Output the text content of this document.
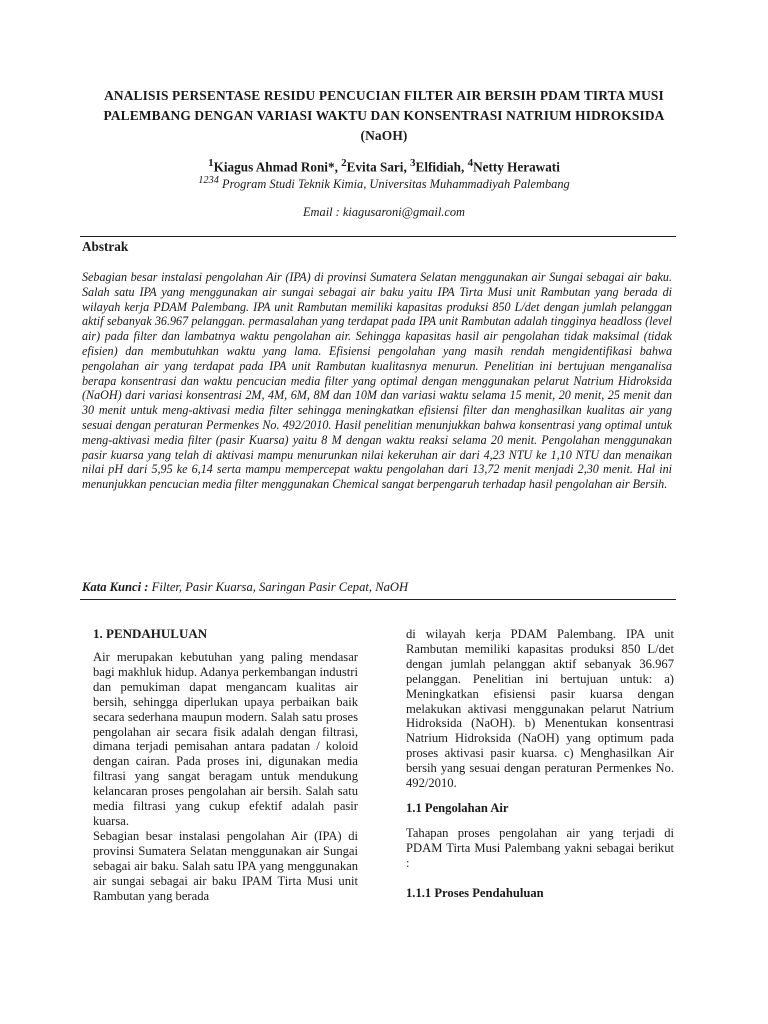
ANALISIS PERSENTASE RESIDU PENCUCIAN FILTER AIR BERSIH PDAM TIRTA MUSI PALEMBANG DENGAN VARIASI WAKTU DAN KONSENTRASI NATRIUM HIDROKSIDA (NaOH)

$^1$Kiagus Ahmad Roni*, $^2$Evita Sari, $^3$Elfidiah, $^4$Netty Herawati

$^{1234}$ Program Studi Teknik Kimia, Universitas Muhammadiyah Palembang

Email : kiagusaroni@gmail.com

Abstrak

Sebagian besar instalasi pengolahan Air (IPA) di provinsi Sumatera Selatan menggunakan air Sungai sebagai air baku. Salah satu IPA yang menggunakan air sungai sebagai air baku yaitu IPA Tirta Musi unit Rambutan yang berada di wilayah kerja PDAM Palembang. IPA unit Rambutan memiliki kapasitas produksi 850 L/det dengan jumlah pelanggan aktif sebanyak 36.967 pelanggan. permasalahan yang terdapat pada IPA unit Rambutan adalah tingginya headloss (level air) pada filter dan lambatnya waktu pengolahan air. Sehingga kapasitas hasil air pengolahan tidak maksimal (tidak efisien) dan membutuhkan waktu yang lama. Efisiensi pengolahan yang masih rendah mengidentifikasi bahwa pengolahan air yang terdapat pada IPA unit Rambutan kualitasnya menurun. Penelitian ini bertujuan menganalisa berapa konsentrasi dan waktu pencucian media filter yang optimal dengan menggunakan pelarut Natrium Hidroksida (NaOH) dari variasi konsentrasi 2M, 4M, 6M, 8M dan 10M dan variasi waktu selama 15 menit, 20 menit, 25 menit dan 30 menit untuk meng-aktivasi media filter sehingga meningkatkan efisiensi filter dan menghasilkan kualitas air yang sesuai dengan peraturan Permenkes No. 492/2010. Hasil penelitian menunjukkan bahwa konsentrasi yang optimal untuk meng-aktivasi media filter (pasir Kuarsa) yaitu 8 M dengan waktu reaksi selama 20 menit. Pengolahan menggunakan pasir kuarsa yang telah di aktivasi mampu menurunkan nilai kekeruhan air dari 4,23 NTU ke 1,10 NTU dan menaikan nilai pH dari 5,95 ke 6,14 serta mampu mempercepat waktu pengolahan dari 13,72 menit menjadi 2,30 menit. Hal ini menunjukkan pencucian media filter menggunakan Chemical sangat berpengaruh terhadap hasil pengolahan air Bersih.

Kata Kunci : Filter, Pasir Kuarsa, Saringan Pasir Cepat, NaOH

1. PENDAHULUAN

Air merupakan kebutuhan yang paling mendasar bagi makhluk hidup. Adanya perkembangan industri dan pemukiman dapat mengancam kualitas air bersih, sehingga diperlukan upaya perbaikan baik secara sederhana maupun modern. Salah satu proses pengolahan air secara fisik adalah dengan filtrasi, dimana terjadi pemisahan antara padatan / koloid dengan cairan. Pada proses ini, digunakan media filtrasi yang sangat beragam untuk mendukung kelancaran proses pengolahan air bersih. Salah satu media filtrasi yang cukup efektif adalah pasir kuarsa.

Sebagian besar instalasi pengolahan Air (IPA) di provinsi Sumatera Selatan menggunakan air Sungai sebagai air baku. Salah satu IPA yang menggunakan air sungai sebagai air baku IPAM Tirta Musi unit Rambutan yang berada

di wilayah kerja PDAM Palembang. IPA unit Rambutan memiliki kapasitas produksi 850 L/det dengan jumlah pelanggan aktif sebanyak 36.967 pelanggan. Penelitian ini bertujuan untuk: a) Meningkatkan efisiensi pasir kuarsa dengan melakukan aktivasi menggunakan pelarut Natrium Hidroksida (NaOH). b) Menentukan konsentrasi Natrium Hidroksida (NaOH) yang optimum pada proses aktivasi pasir kuarsa. c) Menghasilkan Air bersih yang sesuai dengan peraturan Permenkes No. 492/2010.

1.1 Pengolahan Air

Tahapan proses pengolahan air yang terjadi di PDAM Tirta Musi Palembang yakni sebagai berikut :

1.1.1 Proses Pendahuluan
